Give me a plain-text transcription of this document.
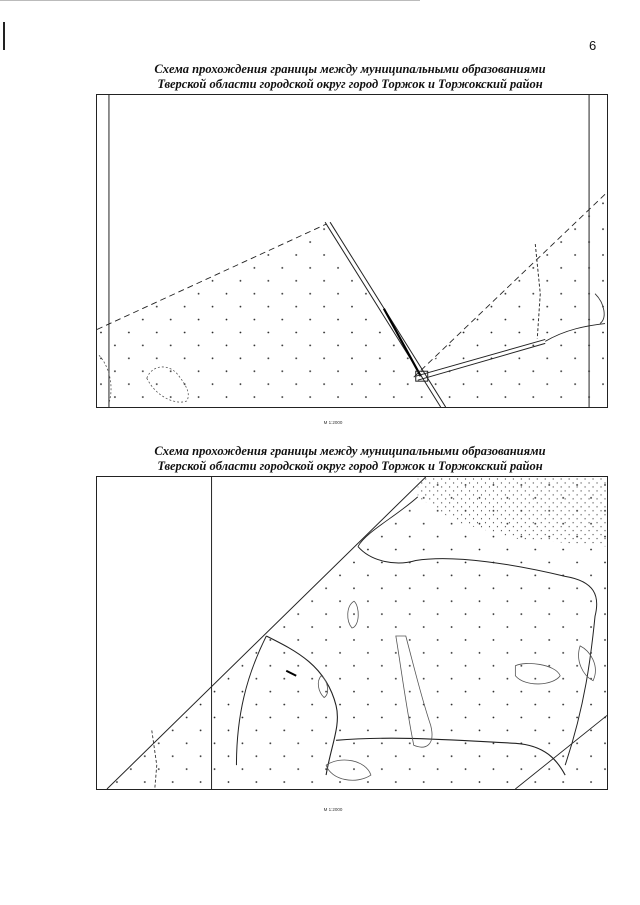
6
Схема прохождения границы между муниципальными образованиями
Тверской области городской округ город Торжок и Торжокский район
М 1:2000
Схема прохождения границы между муниципальными образованиями
Тверской области городской округ город Торжок и Торжокский район
М 1:2000
